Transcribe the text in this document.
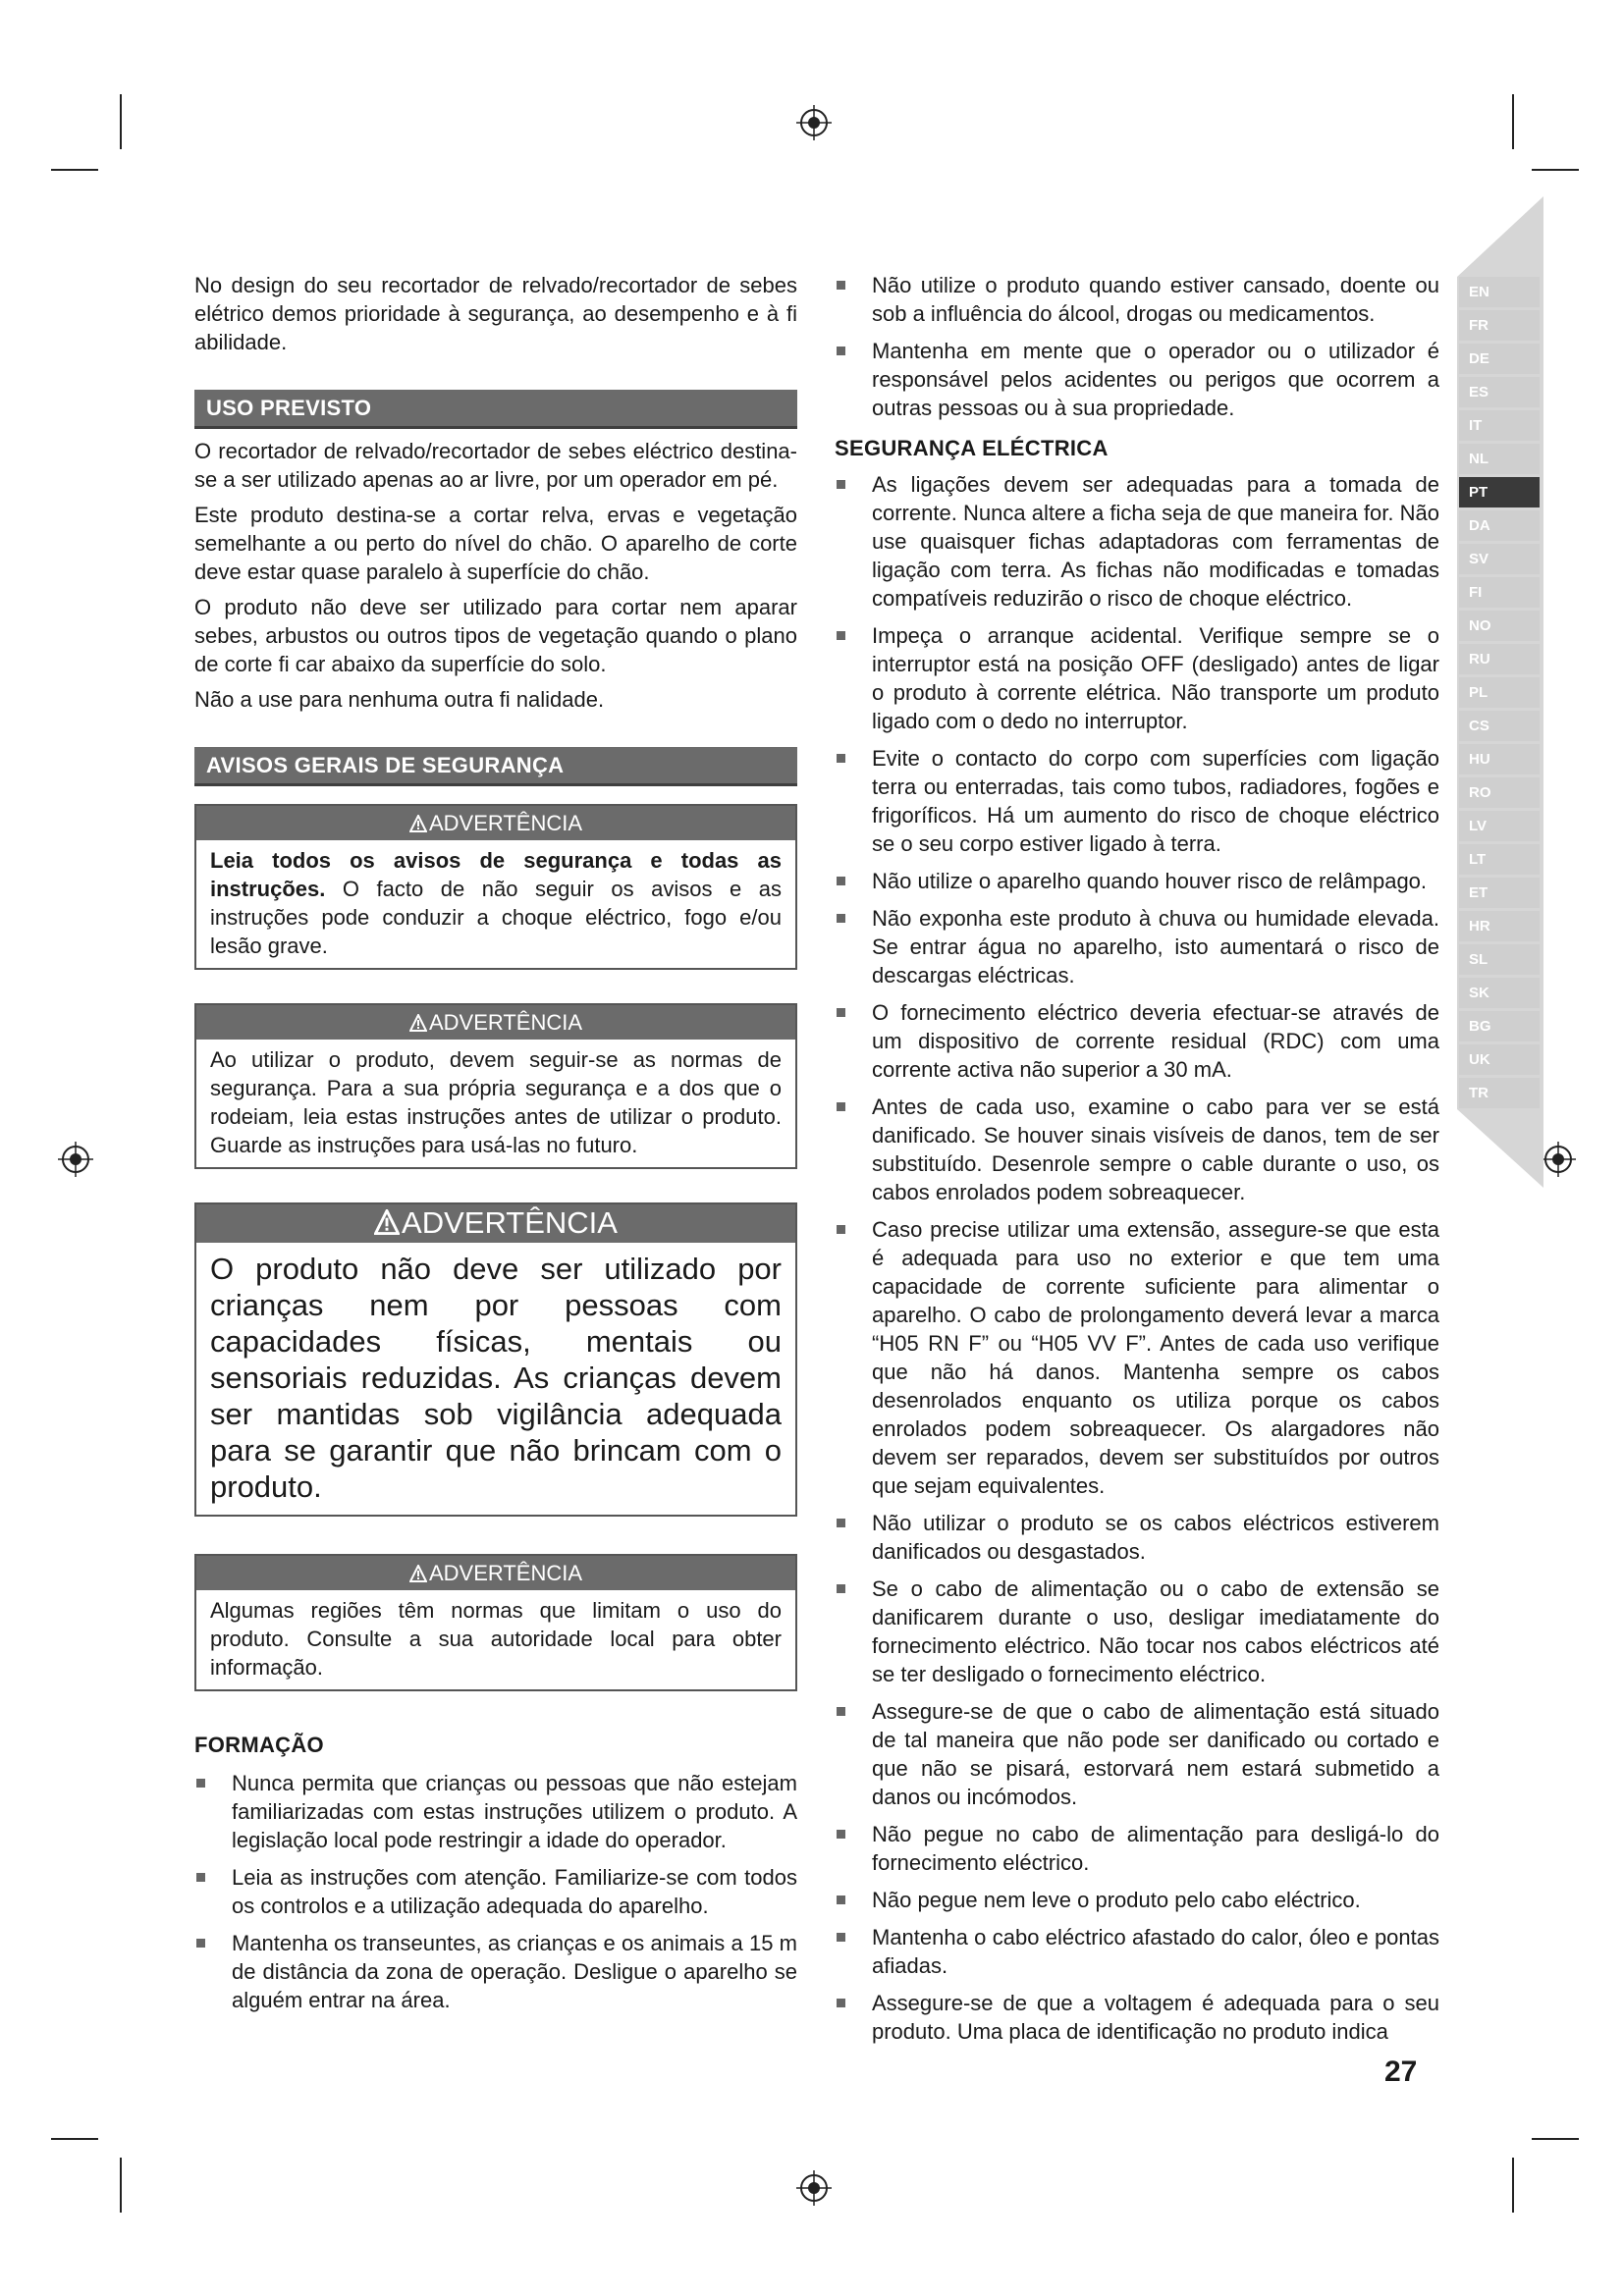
EN
FR
DE
ES
IT
NL
PT
DA
SV
FI
NO
RU
PL
CS
HU
RO
LV
LT
ET
HR
SL
SK
BG
UK
TR

No design do seu recortador de relvado/recortador de sebes elétrico demos prioridade à segurança, ao desempenho e à fi abilidade.

USO PREVISTO

O recortador de relvado/recortador de sebes eléctrico destina-se a ser utilizado apenas ao ar livre, por um operador em pé.

Este produto destina-se a cortar relva, ervas e vegetação semelhante a ou perto do nível do chão. O aparelho de corte deve estar quase paralelo à superfície do chão.

O produto não deve ser utilizado para cortar nem aparar sebes, arbustos ou outros tipos de vegetação quando o plano de corte fi car abaixo da superfície do solo.

Não a use para nenhuma outra fi nalidade.

AVISOS GERAIS DE SEGURANÇA
ADVERTÊNCIA
Leia todos os avisos de segurança e todas as instruções. O facto de não seguir os avisos e as instruções pode conduzir a choque eléctrico, fogo e/ou lesão grave.
ADVERTÊNCIA
Ao utilizar o produto, devem seguir-se as normas de segurança. Para a sua própria segurança e a dos que o rodeiam, leia estas instruções antes de utilizar o produto. Guarde as instruções para usá-las no futuro.
ADVERTÊNCIA
O produto não deve ser utilizado por crianças nem por pessoas com capacidades físicas, mentais ou sensoriais reduzidas. As crianças devem ser mantidas sob vigilância adequada para se garantir que não brincam com o produto.
ADVERTÊNCIA
Algumas regiões têm normas que limitam o uso do produto. Consulte a sua autoridade local para obter informação.
FORMAÇÃO
Nunca permita que crianças ou pessoas que não estejam familiarizadas com estas instruções utilizem o produto. A legislação local pode restringir a idade do operador.
Leia as instruções com atenção. Familiarize-se com todos os controlos e a utilização adequada do aparelho.
Mantenha os transeuntes, as crianças e os animais a 15 m de distância da zona de operação. Desligue o aparelho se alguém entrar na área.
Não utilize o produto quando estiver cansado, doente ou sob a influência do álcool, drogas ou medicamentos.
Mantenha em mente que o operador ou o utilizador é responsável pelos acidentes ou perigos que ocorrem a outras pessoas ou à sua propriedade.
SEGURANÇA ELÉCTRICA
As ligações devem ser adequadas para a tomada de corrente. Nunca altere a ficha seja de que maneira for. Não use quaisquer fichas adaptadoras com ferramentas de ligação com terra. As fichas não modificadas e tomadas compatíveis reduzirão o risco de choque eléctrico.
Impeça o arranque acidental. Verifique sempre se o interruptor está na posição OFF (desligado) antes de ligar o produto à corrente elétrica. Não transporte um produto ligado com o dedo no interruptor.
Evite o contacto do corpo com superfícies com ligação terra ou enterradas, tais como tubos, radiadores, fogões e frigoríficos. Há um aumento do risco de choque eléctrico se o seu corpo estiver ligado à terra.
Não utilize o aparelho quando houver risco de relâmpago.
Não exponha este produto à chuva ou humidade elevada. Se entrar água no aparelho, isto aumentará o risco de descargas eléctricas.
O fornecimento eléctrico deveria efectuar-se através de um dispositivo de corrente residual (RDC) com uma corrente activa não superior a 30 mA.
Antes de cada uso, examine o cabo para ver se está danificado. Se houver sinais visíveis de danos, tem de ser substituído. Desenrole sempre o cable durante o uso, os cabos enrolados podem sobreaquecer.
Caso precise utilizar uma extensão, assegure-se que esta é adequada para uso no exterior e que tem uma capacidade de corrente suficiente para alimentar o aparelho. O cabo de prolongamento deverá levar a marca “H05 RN F” ou “H05 VV F”. Antes de cada uso verifique que não há danos. Mantenha sempre os cabos desenrolados enquanto os utiliza porque os cabos enrolados podem sobreaquecer. Os alargadores não devem ser reparados, devem ser substituídos por outros que sejam equivalentes.
Não utilizar o produto se os cabos eléctricos estiverem danificados ou desgastados.
Se o cabo de alimentação ou o cabo de extensão se danificarem durante o uso, desligar imediatamente do fornecimento eléctrico. Não tocar nos cabos eléctricos até se ter desligado o fornecimento eléctrico.
Assegure-se de que o cabo de alimentação está situado de tal maneira que não pode ser danificado ou cortado e que não se pisará, estorvará nem estará submetido a danos ou incómodos.
Não pegue no cabo de alimentação para desligá-lo do fornecimento eléctrico.
Não pegue nem leve o produto pelo cabo eléctrico.
Mantenha o cabo eléctrico afastado do calor, óleo e pontas afiadas.
Assegure-se de que a voltagem é adequada para o seu produto. Uma placa de identificação no produto indica
27
